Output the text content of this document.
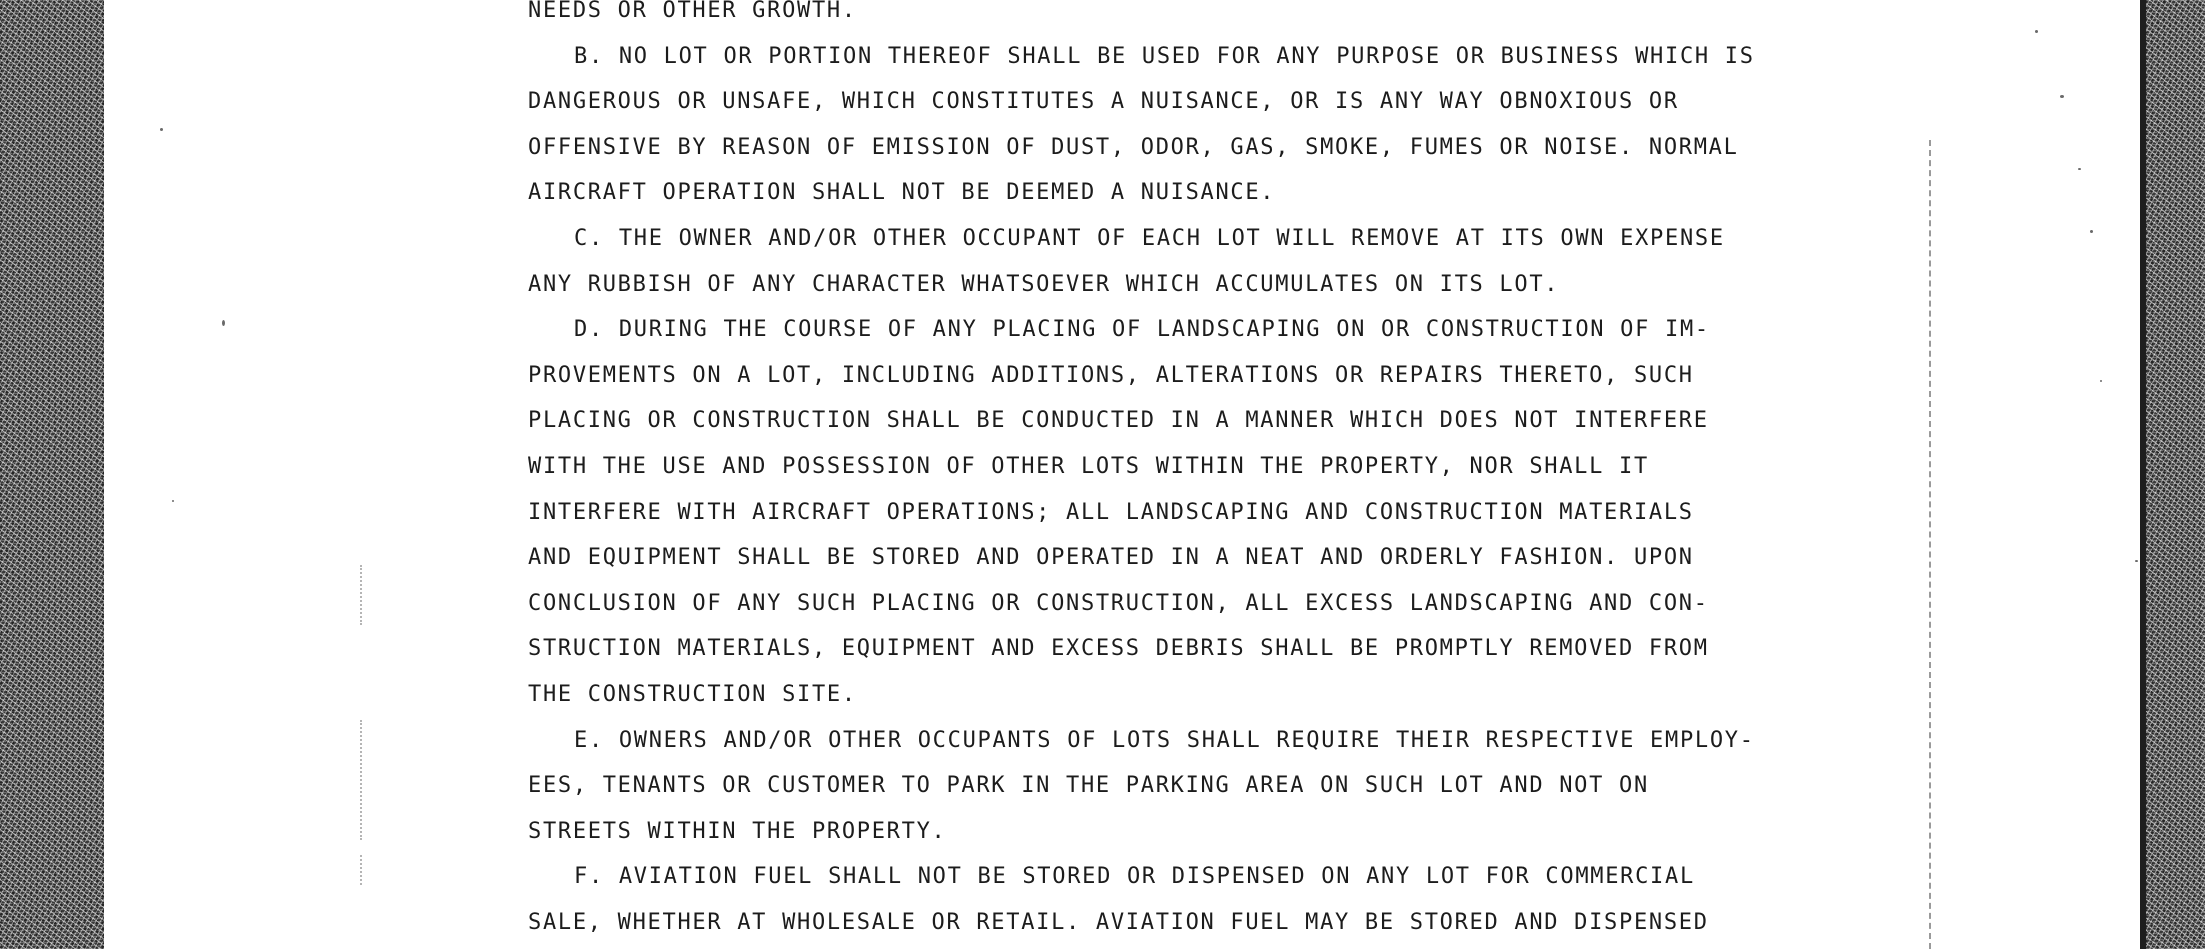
NEEDS OR OTHER GROWTH.
B. NO LOT OR PORTION THEREOF SHALL BE USED FOR ANY PURPOSE OR BUSINESS WHICH IS
DANGEROUS OR UNSAFE, WHICH CONSTITUTES A NUISANCE, OR IS ANY WAY OBNOXIOUS OR
OFFENSIVE BY REASON OF EMISSION OF DUST, ODOR, GAS, SMOKE, FUMES OR NOISE. NORMAL
AIRCRAFT OPERATION SHALL NOT BE DEEMED A NUISANCE.
C. THE OWNER AND/OR OTHER OCCUPANT OF EACH LOT WILL REMOVE AT ITS OWN EXPENSE
ANY RUBBISH OF ANY CHARACTER WHATSOEVER WHICH ACCUMULATES ON ITS LOT.
D. DURING THE COURSE OF ANY PLACING OF LANDSCAPING ON OR CONSTRUCTION OF IM-
PROVEMENTS ON A LOT, INCLUDING ADDITIONS, ALTERATIONS OR REPAIRS THERETO, SUCH
PLACING OR CONSTRUCTION SHALL BE CONDUCTED IN A MANNER WHICH DOES NOT INTERFERE
WITH THE USE AND POSSESSION OF OTHER LOTS WITHIN THE PROPERTY, NOR SHALL IT
INTERFERE WITH AIRCRAFT OPERATIONS; ALL LANDSCAPING AND CONSTRUCTION MATERIALS
AND EQUIPMENT SHALL BE STORED AND OPERATED IN A NEAT AND ORDERLY FASHION. UPON
CONCLUSION OF ANY SUCH PLACING OR CONSTRUCTION, ALL EXCESS LANDSCAPING AND CON-
STRUCTION MATERIALS, EQUIPMENT AND EXCESS DEBRIS SHALL BE PROMPTLY REMOVED FROM
THE CONSTRUCTION SITE.
E. OWNERS AND/OR OTHER OCCUPANTS OF LOTS SHALL REQUIRE THEIR RESPECTIVE EMPLOY-
EES, TENANTS OR CUSTOMER TO PARK IN THE PARKING AREA ON SUCH LOT AND NOT ON
STREETS WITHIN THE PROPERTY.
F. AVIATION FUEL SHALL NOT BE STORED OR DISPENSED ON ANY LOT FOR COMMERCIAL
SALE, WHETHER AT WHOLESALE OR RETAIL. AVIATION FUEL MAY BE STORED AND DISPENSED
